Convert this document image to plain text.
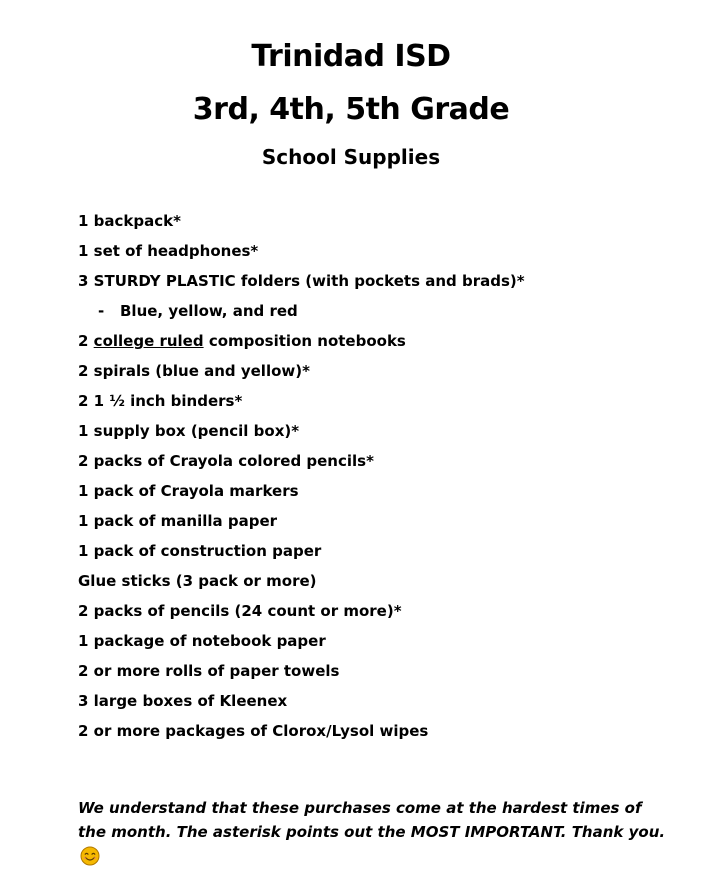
Trinidad ISD
3rd, 4th, 5th Grade
School Supplies
1 backpack*
1 set of headphones*
3 STURDY PLASTIC folders (with pockets and brads)*
- Blue, yellow, and red
2 college ruled composition notebooks
2 spirals (blue and yellow)*
2 1 ½ inch binders*
1 supply box (pencil box)*
2 packs of Crayola colored pencils*
1 pack of Crayola markers
1 pack of manilla paper
1 pack of construction paper
Glue sticks (3 pack or more)
2 packs of pencils (24 count or more)*
1 package of notebook paper
2 or more rolls of paper towels
3 large boxes of Kleenex
2 or more packages of Clorox/Lysol wipes

We understand that these purchases come at the hardest times of

the month. The asterisk points out the MOST IMPORTANT. Thank you.
